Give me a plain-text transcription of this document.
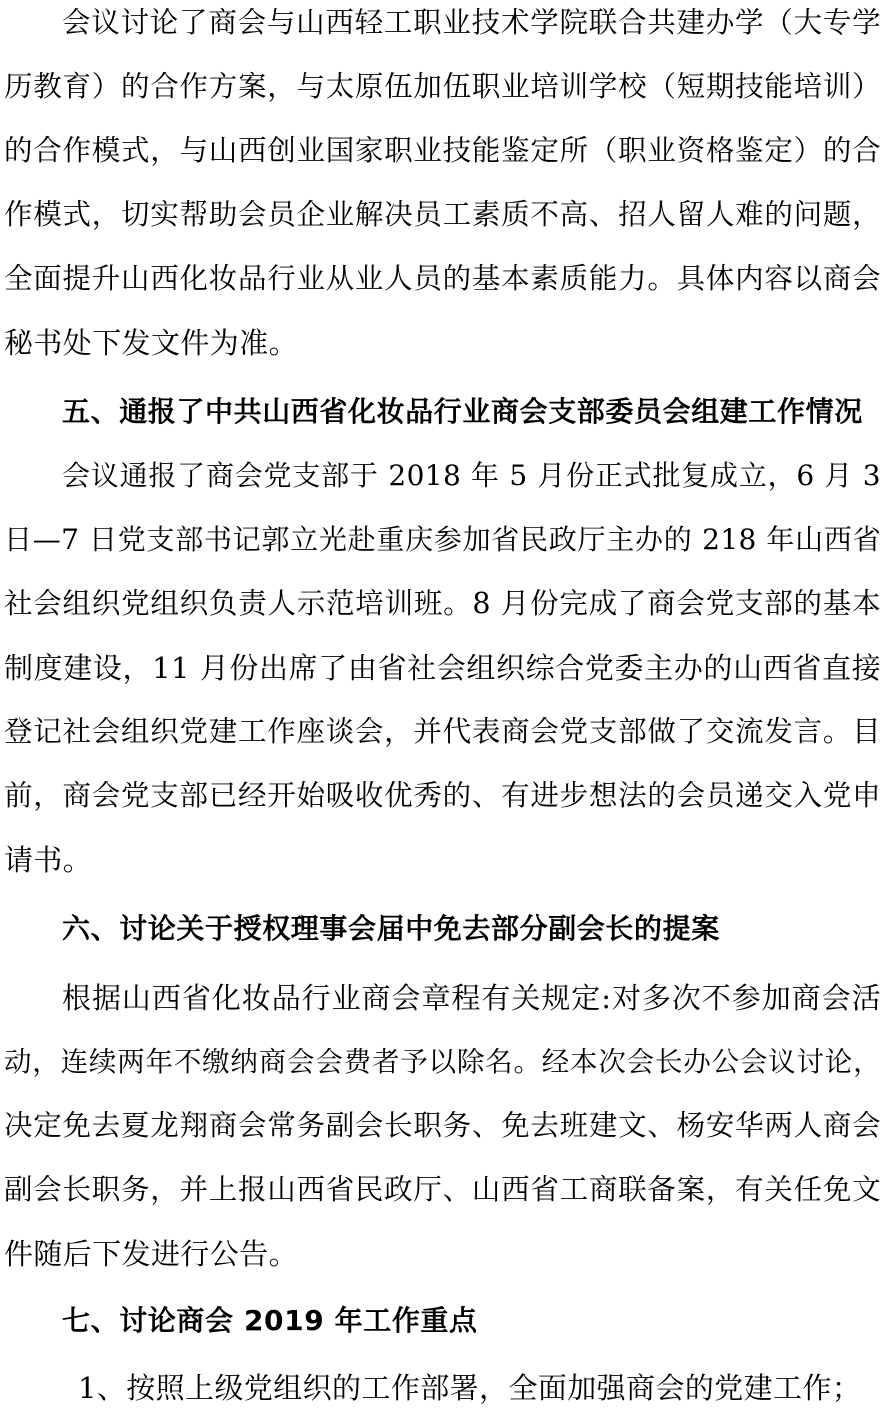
会议讨论了商会与山西轻工职业技术学院联合共建办学（大专学
历教育）的合作方案，与太原伍加伍职业培训学校（短期技能培训）
的合作模式，与山西创业国家职业技能鉴定所（职业资格鉴定）的合
作模式，切实帮助会员企业解决员工素质不高、招人留人难的问题，
全面提升山西化妆品行业从业人员的基本素质能力。具体内容以商会
秘书处下发文件为准。
五、通报了中共山西省化妆品行业商会支部委员会组建工作情况
会议通报了商会党支部于 2018 年 5 月份正式批复成立，6 月 3
日—7 日党支部书记郭立光赴重庆参加省民政厅主办的 218 年山西省
社会组织党组织负责人示范培训班。8 月份完成了商会党支部的基本
制度建设，11 月份出席了由省社会组织综合党委主办的山西省直接
登记社会组织党建工作座谈会，并代表商会党支部做了交流发言。目
前，商会党支部已经开始吸收优秀的、有进步想法的会员递交入党申
请书。
六、讨论关于授权理事会届中免去部分副会长的提案
根据山西省化妆品行业商会章程有关规定:对多次不参加商会活
动，连续两年不缴纳商会会费者予以除名。经本次会长办公会议讨论，
决定免去夏龙翔商会常务副会长职务、免去班建文、杨安华两人商会
副会长职务，并上报山西省民政厅、山西省工商联备案，有关任免文
件随后下发进行公告。
七、讨论商会 2019 年工作重点
1、按照上级党组织的工作部署，全面加强商会的党建工作；
